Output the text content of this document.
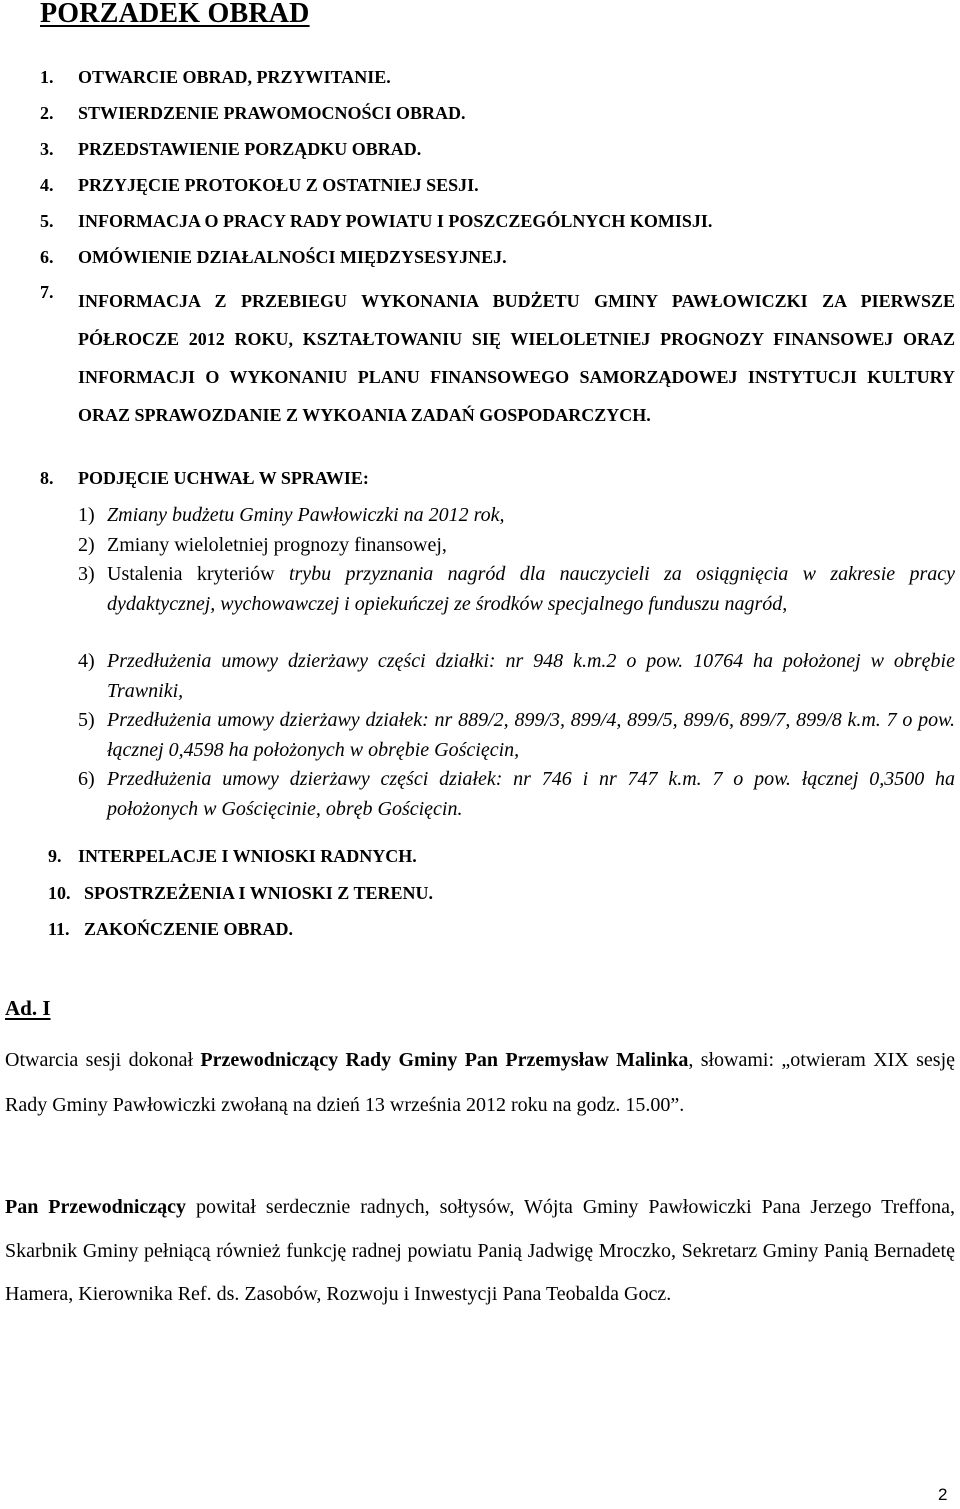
PORZADEK OBRAD
1. OTWARCIE OBRAD, PRZYWITANIE.
2. STWIERDZENIE PRAWOMOCNOŚCI OBRAD.
3. PRZEDSTAWIENIE PORZĄDKU OBRAD.
4. PRZYJĘCIE PROTOKOŁU Z OSTATNIEJ SESJI.
5. INFORMACJA O PRACY RADY POWIATU I POSZCZEGÓLNYCH KOMISJI.
6. OMÓWIENIE DZIAŁALNOŚCI MIĘDZYSESYJNEJ.
7.	INFORMACJA Z PRZEBIEGU WYKONANIA BUDŻETU GMINY PAWŁOWICZKI ZA PIERWSZE PÓŁROCZE 2012 ROKU, KSZTAŁTOWANIU SIĘ WIELOLETNIEJ PROGNOZY FINANSOWEJ ORAZ INFORMACJI O WYKONANIU PLANU FINANSOWEGO SAMORZĄDOWEJ INSTYTUCJI KULTURY ORAZ SPRAWOZDANIE Z WYKOANIA ZADAŃ GOSPODARCZYCH.
8. PODJĘCIE UCHWAŁ W SPRAWIE:
1) Zmiany budżetu Gminy Pawłowiczki na 2012 rok,
2) Zmiany wieloletniej prognozy finansowej,
3) Ustalenia kryteriów trybu przyznania nagród dla nauczycieli za osiągnięcia w zakresie pracy dydaktycznej, wychowawczej i opiekuńczej ze środków specjalnego funduszu nagród,
4) Przedłużenia umowy dzierżawy części działki: nr 948 k.m.2 o pow. 10764 ha położonej w obrębie Trawniki,
5) Przedłużenia umowy dzierżawy działek: nr 889/2, 899/3, 899/4, 899/5, 899/6, 899/7, 899/8 k.m. 7 o pow. łącznej 0,4598 ha położonych w obrębie Gościęcin,
6) Przedłużenia umowy dzierżawy części działek: nr 746 i nr 747 k.m. 7 o pow. łącznej 0,3500 ha położonych w Gościęcinie, obręb Gościęcin.
9. INTERPELACJE I WNIOSKI RADNYCH.
10. SPOSTRZEŻENIA I WNIOSKI Z TERENU.
11. ZAKOŃCZENIE OBRAD.
Ad. I
Otwarcia sesji dokonał Przewodniczący Rady Gminy Pan Przemysław Malinka, słowami: „otwieram XIX sesję Rady Gminy Pawłowiczki zwołaną na dzień 13 września 2012 roku na godz. 15.00”.
Pan Przewodniczący powitał serdecznie radnych, sołtysów, Wójta Gminy Pawłowiczki Pana Jerzego Treffona, Skarbnik Gminy pełniącą również funkcję radnej powiatu Panią Jadwigę Mroczko, Sekretarz Gminy Panią Bernadetę Hamera, Kierownika Ref. ds. Zasobów, Rozwoju i Inwestycji Pana Teobalda Gocz.
2
